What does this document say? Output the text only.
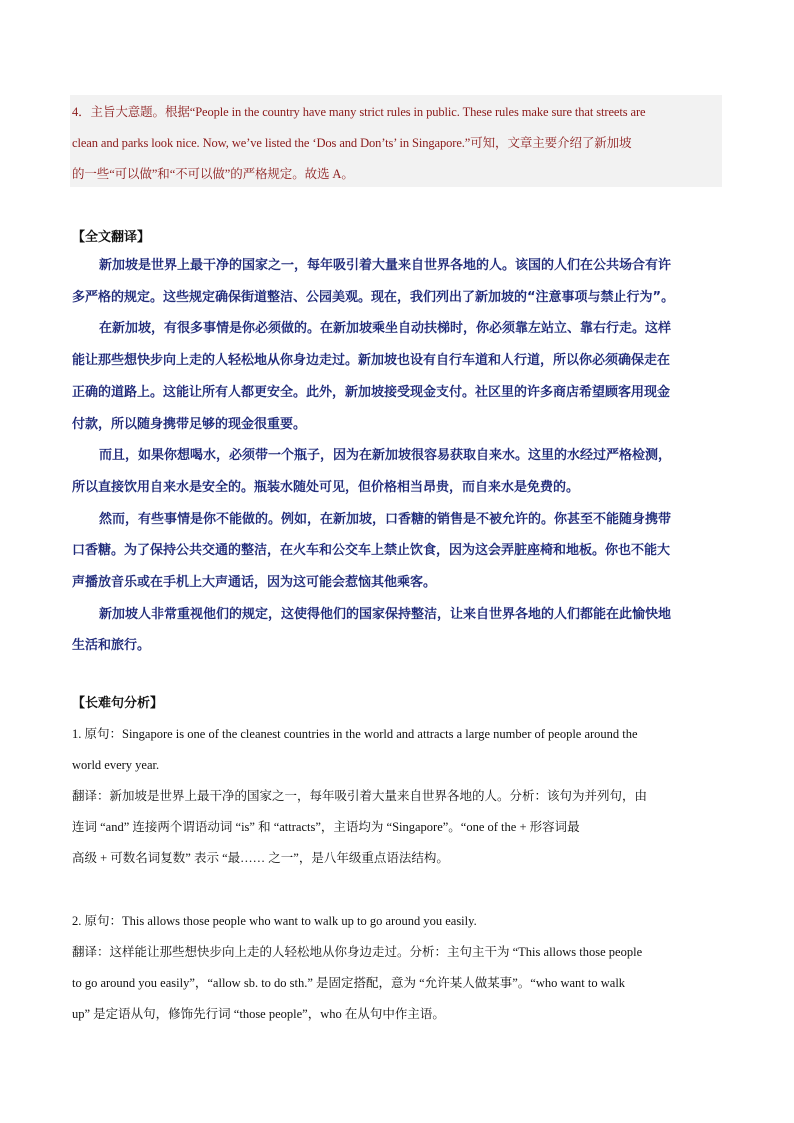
4．主旨大意题。根据“People in the country have many strict rules in public. These rules make sure that streets are
clean and parks look nice. Now, we’ve listed the ‘Dos and Don’ts’ in Singapore.”可知，文章主要介绍了新加坡
的一些“可以做”和“不可以做”的严格规定。故选 A。
【全文翻译】
新加坡是世界上最干净的国家之一，每年吸引着大量来自世界各地的人。该国的人们在公共场合有许
多严格的规定。这些规定确保街道整洁、公园美观。现在，我们列出了新加坡的“注意事项与禁止行为”。
在新加坡，有很多事情是你必须做的。在新加坡乘坐自动扶梯时，你必须靠左站立、靠右行走。这样
能让那些想快步向上走的人轻松地从你身边走过。新加坡也设有自行车道和人行道，所以你必须确保走在
正确的道路上。这能让所有人都更安全。此外，新加坡接受现金支付。社区里的许多商店希望顾客用现金
付款，所以随身携带足够的现金很重要。
而且，如果你想喝水，必须带一个瓶子，因为在新加坡很容易获取自来水。这里的水经过严格检测，
所以直接饮用自来水是安全的。瓶装水随处可见，但价格相当昂贵，而自来水是免费的。
然而，有些事情是你不能做的。例如，在新加坡，口香糖的销售是不被允许的。你甚至不能随身携带
口香糖。为了保持公共交通的整洁，在火车和公交车上禁止饮食，因为这会弄脏座椅和地板。你也不能大
声播放音乐或在手机上大声通话，因为这可能会惹恼其他乘客。
新加坡人非常重视他们的规定，这使得他们的国家保持整洁，让来自世界各地的人们都能在此愉快地
生活和旅行。
【长难句分析】
1. 原句：Singapore is one of the cleanest countries in the world and attracts a large number of people around the
world every year.
翻译：新加坡是世界上最干净的国家之一，每年吸引着大量来自世界各地的人。分析：该句为并列句，由
连词 “and” 连接两个谓语动词 “is” 和 “attracts”，主语均为 “Singapore”。“one of the + 形容词最
高级 + 可数名词复数” 表示 “最…… 之一”，是八年级重点语法结构。
2. 原句：This allows those people who want to walk up to go around you easily.
翻译：这样能让那些想快步向上走的人轻松地从你身边走过。分析：主句主干为 “This allows those people
to go around you easily”，“allow sb. to do sth.” 是固定搭配，意为 “允许某人做某事”。“who want to walk
up” 是定语从句，修饰先行词 “those people”，who 在从句中作主语。
